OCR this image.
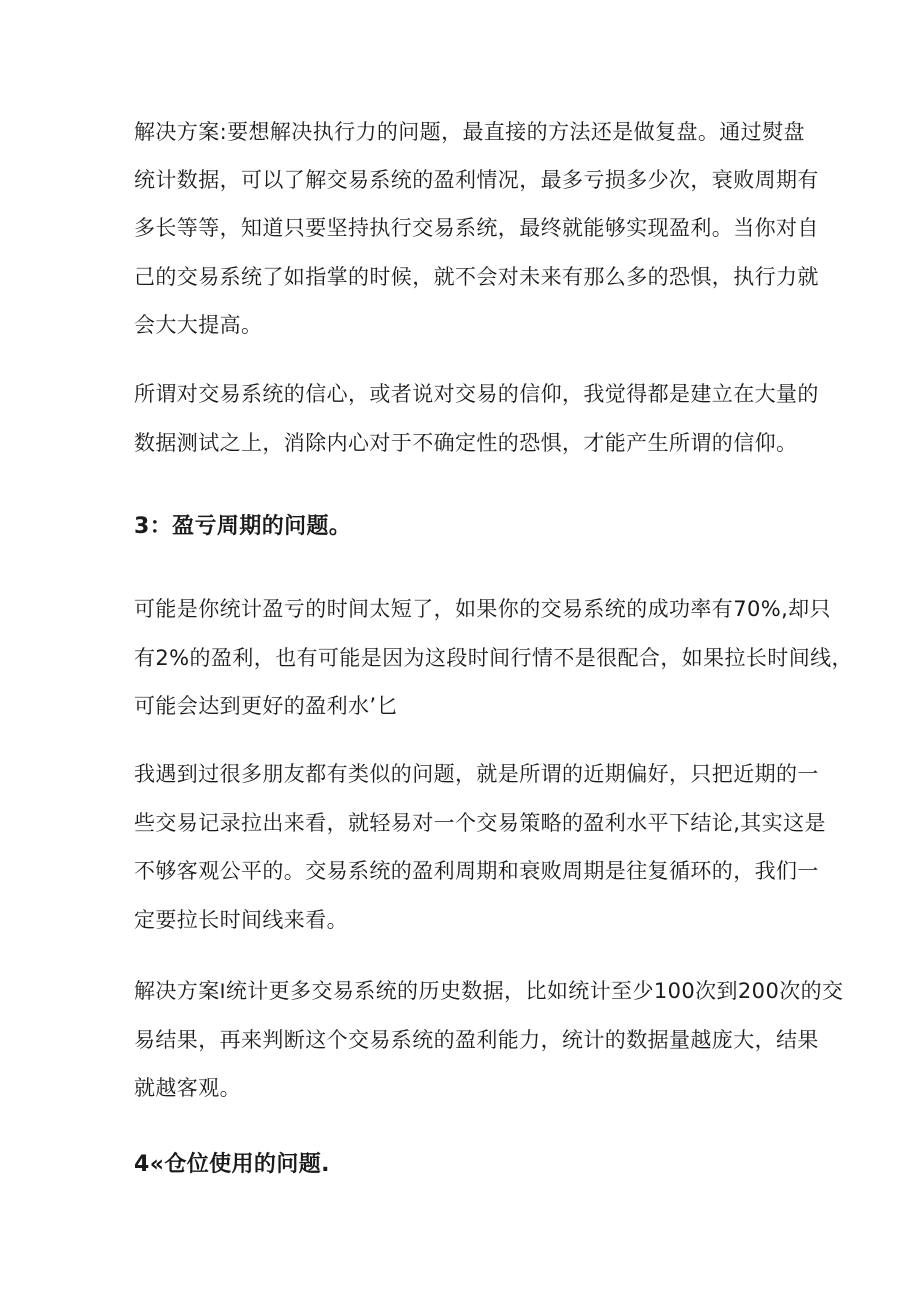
解决方案:要想解决执行力的问题，最直接的方法还是做复盘。通过熨盘

统计数据，可以了解交易系统的盈利情况，最多亏损多少次，衰败周期有

多长等等，知道只要坚持执行交易系统，最终就能够实现盈利。当你对自

己的交易系统了如指掌的时候，就不会对未来有那么多的恐惧，执行力就

会大大提高。

所谓对交易系统的信心，或者说对交易的信仰，我觉得都是建立在大量的

数据测试之上，消除内心对于不确定性的恐惧，才能产生所谓的信仰。

3：盈亏周期的问题。

可能是你统计盈亏的时间太短了，如果你的交易系统的成功率有70%,却只

有2%的盈利，也有可能是因为这段时间行情不是很配合，如果拉长时间线，

可能会达到更好的盈利水’匕

我遇到过很多朋友都有类似的问题，就是所谓的近期偏好，只把近期的一

些交易记录拉出来看，就轻易对一个交易策略的盈利水平下结论,其实这是

不够客观公平的。交易系统的盈利周期和衰败周期是往复循环的，我们一

定要拉长时间线来看。

解决方案I统计更多交易系统的历史数据，比如统计至少100次到200次的交

易结果，再来判断这个交易系统的盈利能力，统计的数据量越庞大，结果

就越客观。

4«仓位使用的问题.
